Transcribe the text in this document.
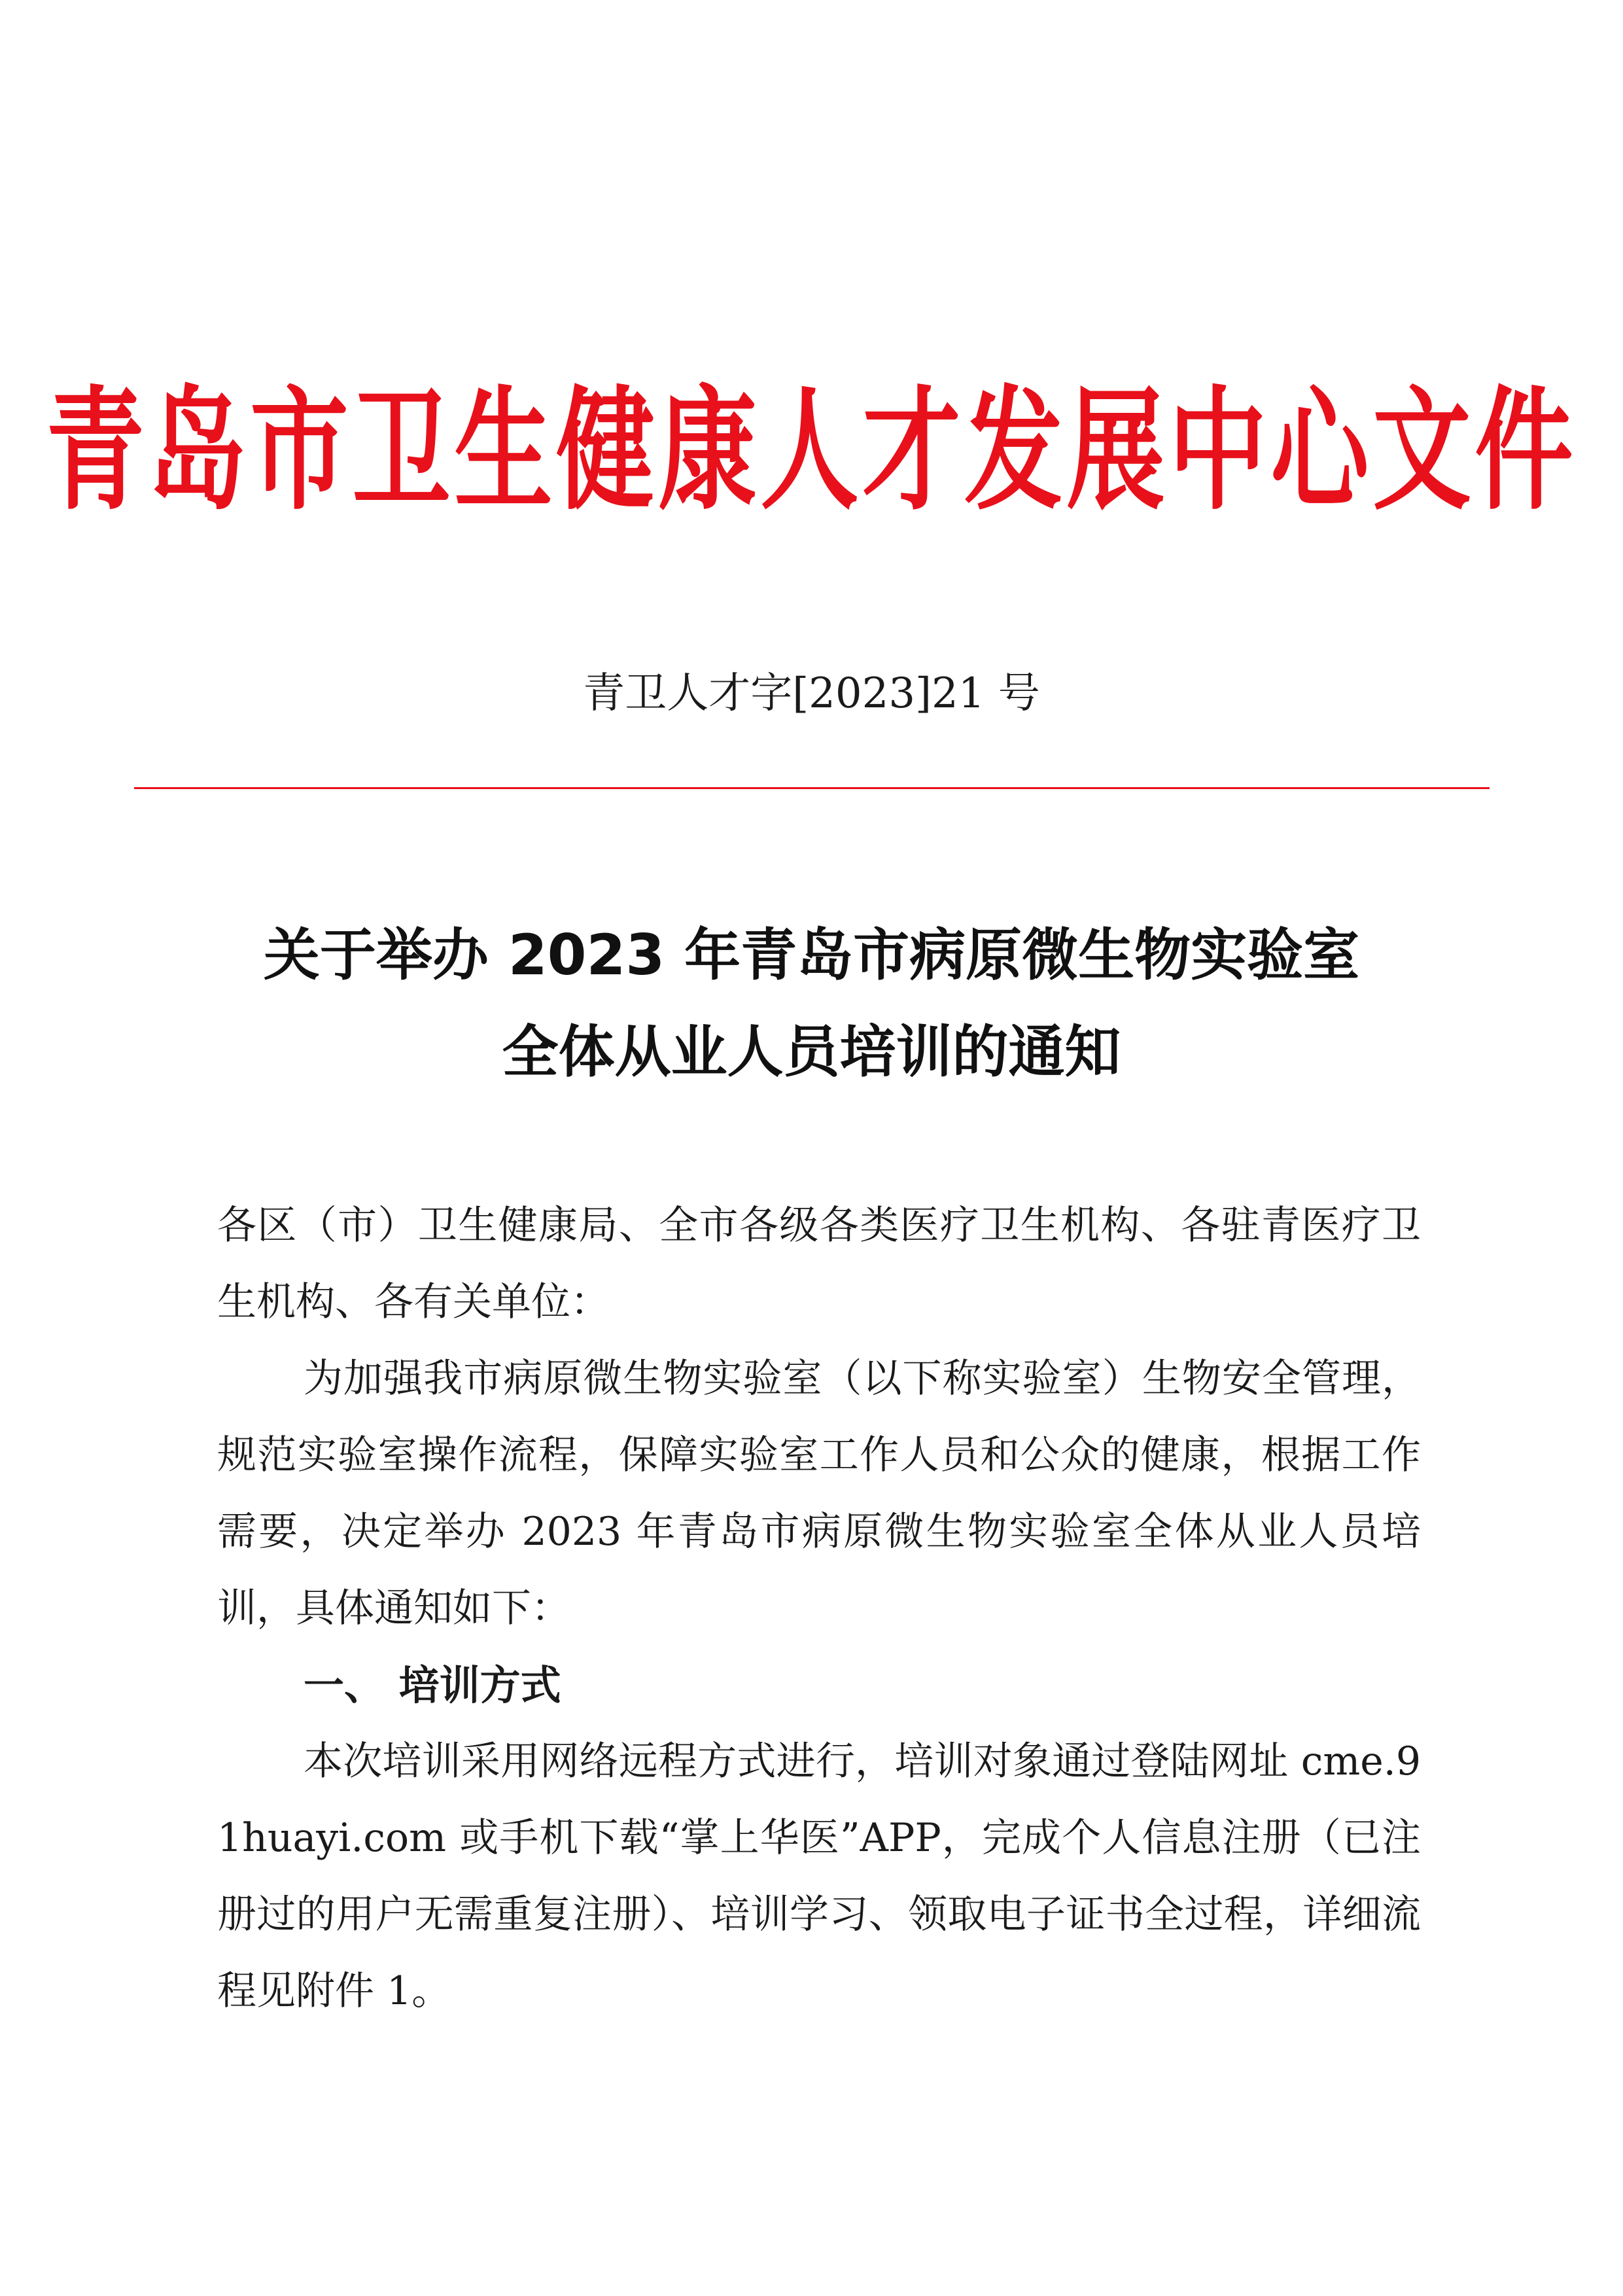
青岛市卫生健康人才发展中心文件
青卫人才字[2023]21 号
关于举办 2023 年青岛市病原微生物实验室
全体从业人员培训的通知

各区（市）卫生健康局、全市各级各类医疗卫生机构、各驻青医疗卫生机构、各有关单位：

为加强我市病原微生物实验室（以下称实验室）生物安全管理，规范实验室操作流程，保障实验室工作人员和公众的健康，根据工作需要，决定举办 2023 年青岛市病原微生物实验室全体从业人员培训，具体通知如下：

一、 培训方式

本次培训采用网络远程方式进行，培训对象通过登陆网址 cme.91huayi.com 或手机下载“掌上华医”APP，完成个人信息注册（已注册过的用户无需重复注册）、培训学习、领取电子证书全过程，详细流程见附件 1。
